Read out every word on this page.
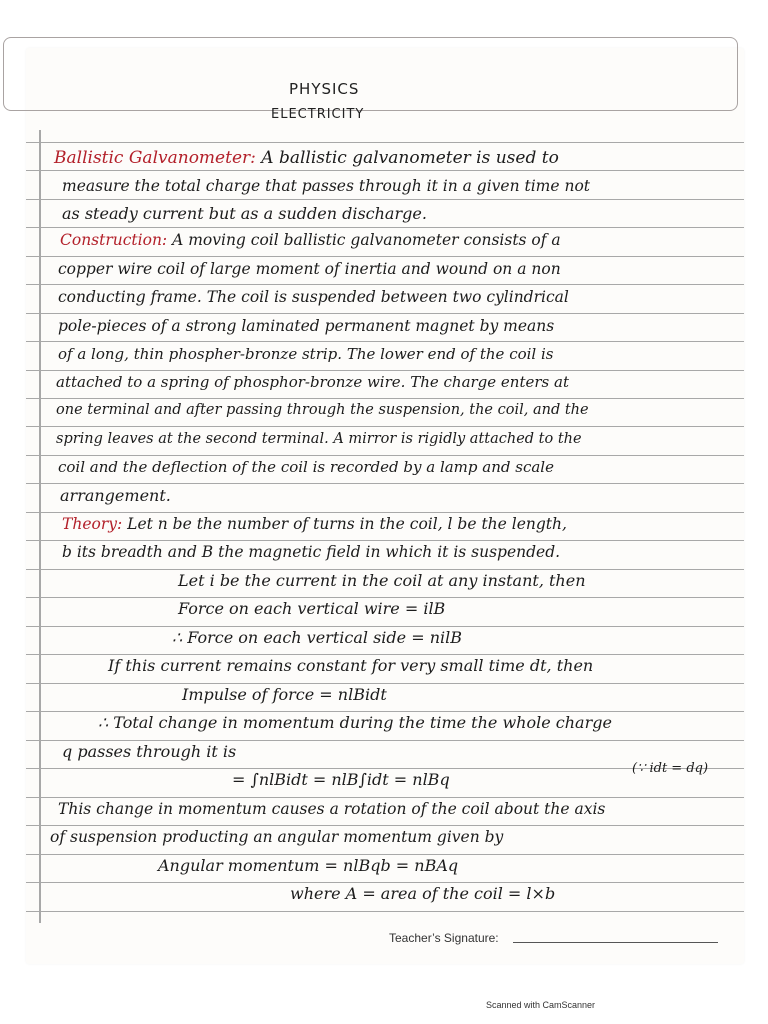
PHYSICS
ELECTRICITY
Ballistic Galvanometer: A ballistic galvanometer is used to
measure the total charge that passes through it in a given time not
as steady current but as a sudden discharge.
Construction: A moving coil ballistic galvanometer consists of a
copper wire coil of large moment of inertia and wound on a non
conducting frame. The coil is suspended between two cylindrical
pole-pieces of a strong laminated permanent magnet by means
of a long, thin phospher-bronze strip. The lower end of the coil is
attached to a spring of phosphor-bronze wire. The charge enters at
one terminal and after passing through the suspension, the coil, and the
spring leaves at the second terminal. A mirror is rigidly attached to the
coil and the deflection of the coil is recorded by a lamp and scale
arrangement.
Theory: Let n be the number of turns in the coil, l be the length,
b its breadth and B the magnetic field in which it is suspended.
Let i be the current in the coil at any instant, then
Force on each vertical wire = ilB
∴ Force on each vertical side = nilB
If this current remains constant for very small time dt, then
Impulse of force = nlBidt
∴ Total change in momentum during the time the whole charge
q passes through it is
= ∫nlBidt = nlB∫idt = nlBq
(∵ idt = dq)
This change in momentum causes a rotation of the coil about the axis
of suspension producting an angular momentum given by
Angular momentum = nlBqb = nBAq
where A = area of the coil = l×b
Teacher’s Signature:
Scanned with CamScanner
